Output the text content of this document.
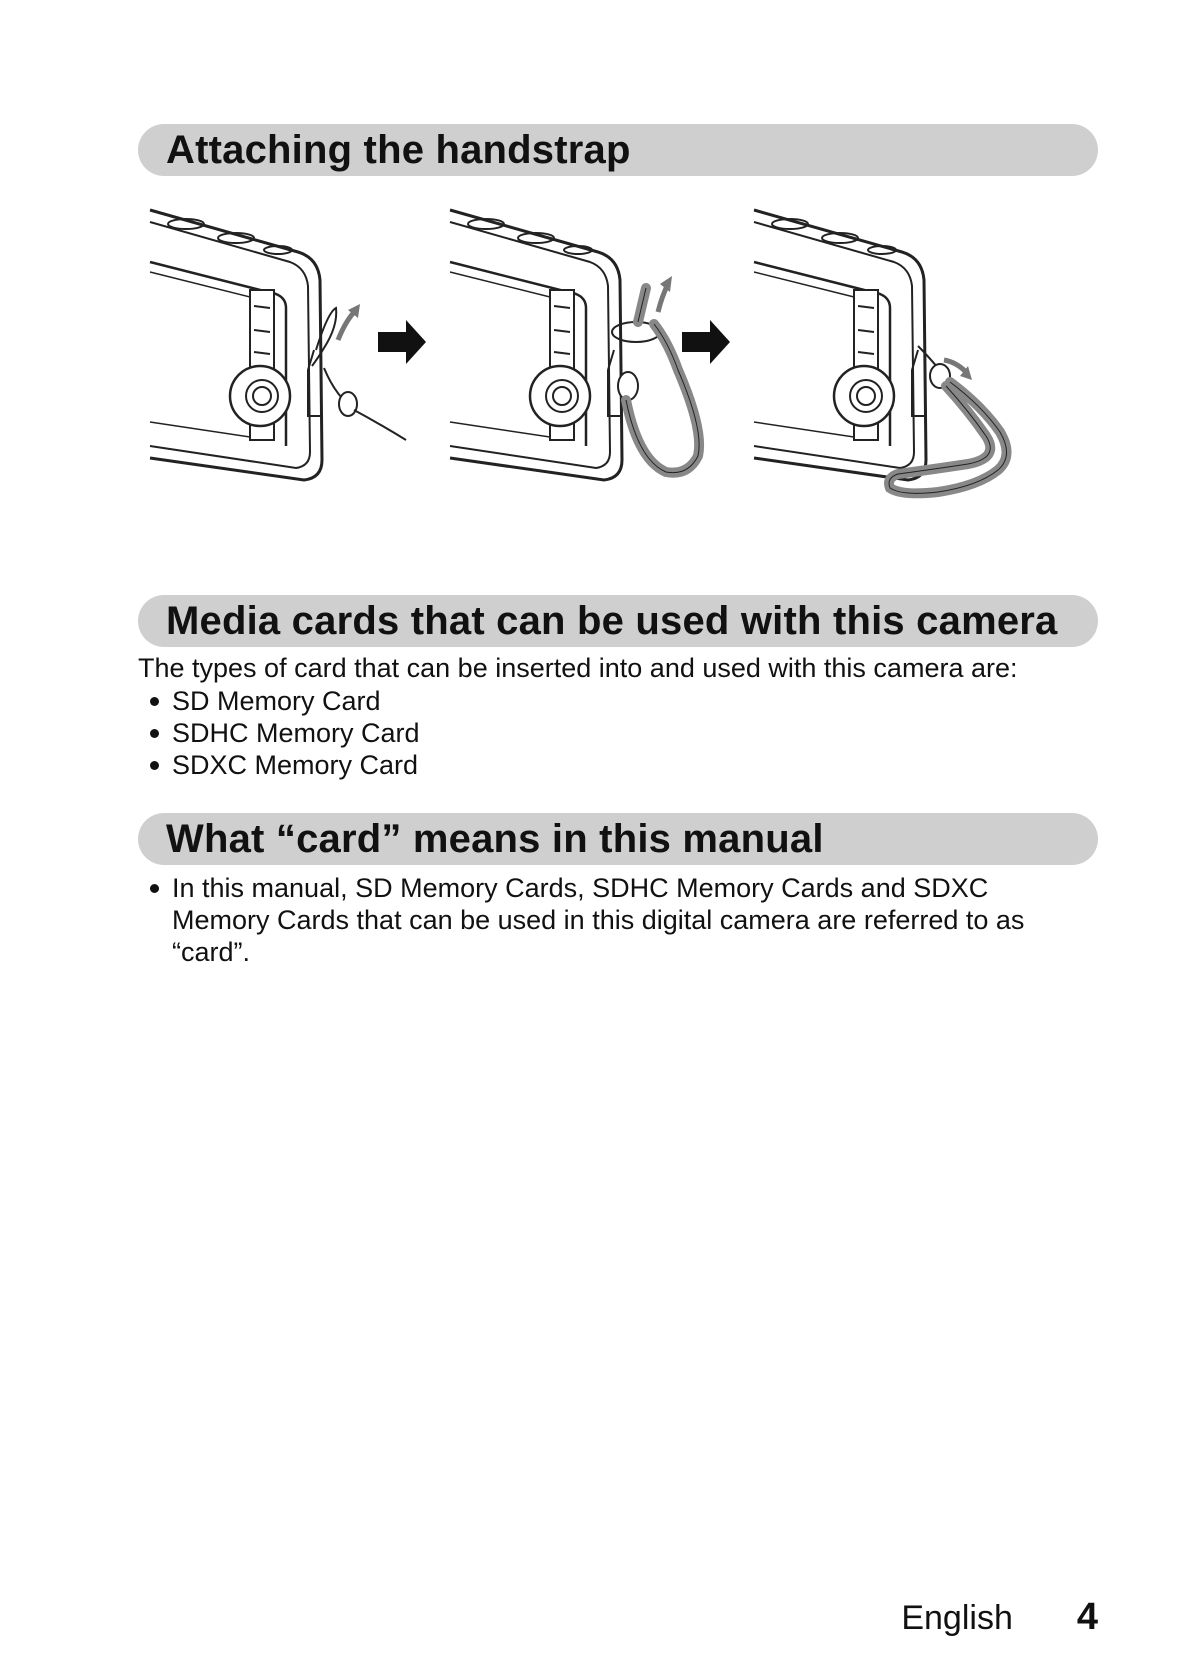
Attaching the handstrap
Media cards that can be used with this camera
The types of card that can be inserted into and used with this camera are:
SD Memory Card
SDHC Memory Card
SDXC Memory Card
What “card” means in this manual
In this manual, SD Memory Cards, SDHC Memory Cards and SDXC Memory Cards that can be used in this digital camera are referred to as “card”.
English 4
